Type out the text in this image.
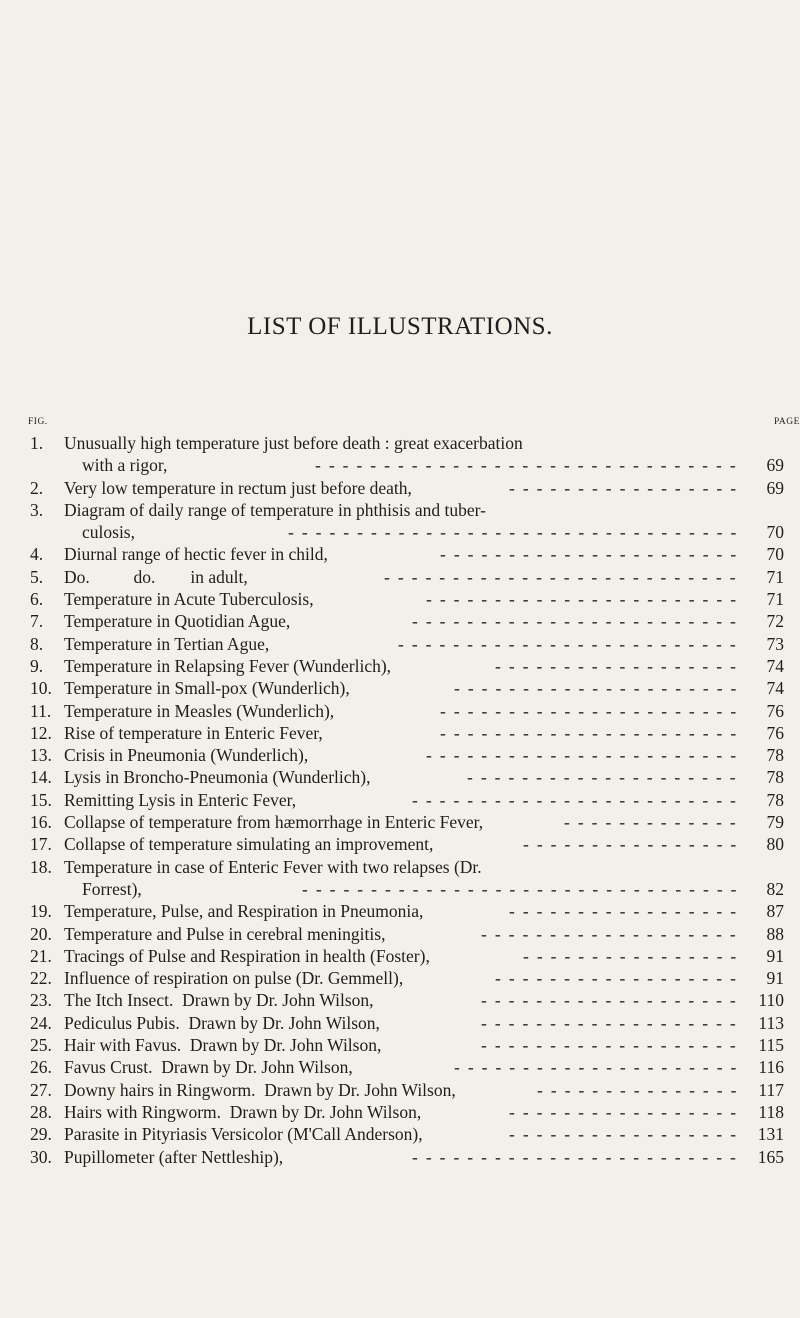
LIST OF ILLUSTRATIONS.
FIG.	PAGE
1. Unusually high temperature just before death : great exacerbation
with a rigor,	------------------------------- 69
2. Very low temperature in rectum just before death,	----------------- 69
3. Diagram of daily range of temperature in phthisis and tuber-
culosis,	--------------------------------- 70
4. Diurnal range of hectic fever in child,	---------------------- 70
5. Do.          do.        in adult,	-------------------------- 71
6. Temperature in Acute Tuberculosis,	----------------------- 71
7. Temperature in Quotidian Ague,	------------------------ 72
8. Temperature in Tertian Ague,	------------------------- 73
9. Temperature in Relapsing Fever (Wunderlich),	------------------ 74
10. Temperature in Small-pox (Wunderlich),	--------------------- 74
11. Temperature in Measles (Wunderlich),	---------------------- 76
12. Rise of temperature in Enteric Fever,	---------------------- 76
13. Crisis in Pneumonia (Wunderlich),	----------------------- 78
14. Lysis in Broncho-Pneumonia (Wunderlich),	-------------------- 78
15. Remitting Lysis in Enteric Fever,	------------------------ 78
16. Collapse of temperature from hæmorrhage in Enteric Fever,	------------- 79
17. Collapse of temperature simulating an improvement,	---------------- 80
18. Temperature in case of Enteric Fever with two relapses (Dr.
Forrest),	-------------------------------- 82
19. Temperature, Pulse, and Respiration in Pneumonia,	----------------- 87
20. Temperature and Pulse in cerebral meningitis,	------------------- 88
21. Tracings of Pulse and Respiration in health (Foster),	---------------- 91
22. Influence of respiration on pulse (Dr. Gemmell),	------------------ 91
23. The Itch Insect.  Drawn by Dr. John Wilson,	------------------- 110
24. Pediculus Pubis.  Drawn by Dr. John Wilson,	------------------- 113
25. Hair with Favus.  Drawn by Dr. John Wilson,	------------------- 115
26. Favus Crust.  Drawn by Dr. John Wilson,	--------------------- 116
27. Downy hairs in Ringworm.  Drawn by Dr. John Wilson,	--------------- 117
28. Hairs with Ringworm.  Drawn by Dr. John Wilson,	----------------- 118
29. Parasite in Pityriasis Versicolor (M'Call Anderson),	----------------- 131
30. Pupillometer (after Nettleship),	------------------------ 165
